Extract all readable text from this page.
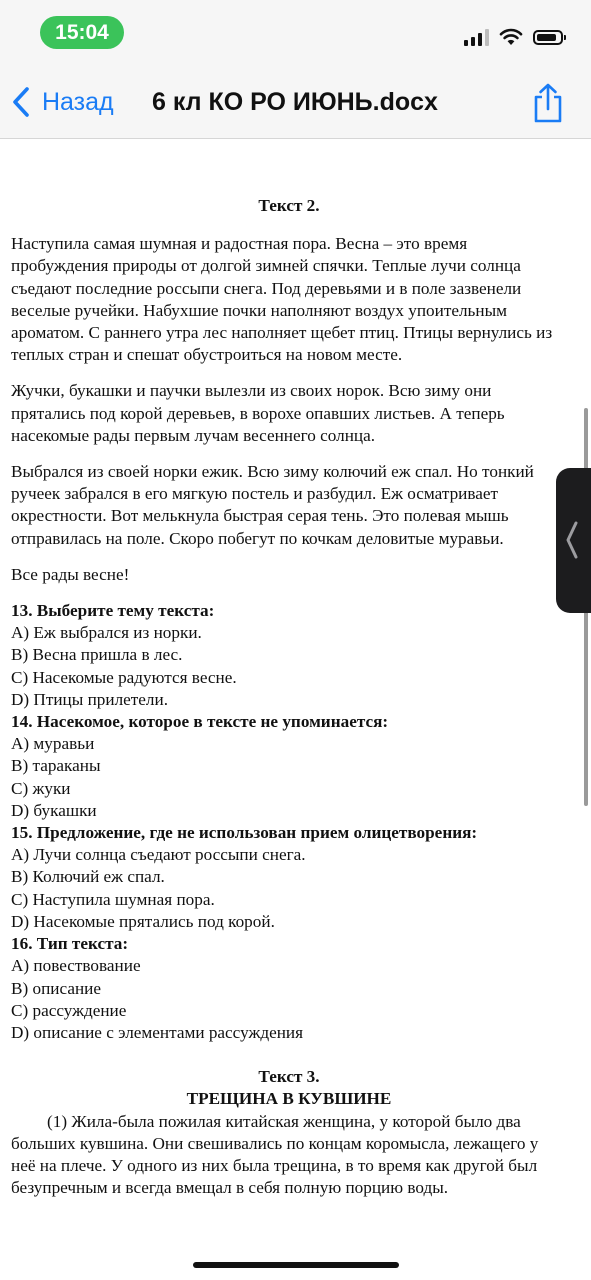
15:04
Назад 6 кл КО РО ИЮНЬ.docx

Текст 2.

Наступила самая шумная и радостная пора. Весна – это время пробуждения природы от долгой зимней спячки. Теплые лучи солнца съедают последние россыпи снега. Под деревьями и в поле зазвенели веселые ручейки. Набухшие почки наполняют воздух упоительным ароматом. С раннего утра лес наполняет щебет птиц. Птицы вернулись из теплых стран и спешат обустроиться на новом месте.

Жучки, букашки и паучки вылезли из своих норок. Всю зиму они прятались под корой деревьев, в ворохе опавших листьев. А теперь насекомые рады первым лучам весеннего солнца.

Выбрался из своей норки ежик. Всю зиму колючий еж спал. Но тонкий ручеек забрался в его мягкую постель и разбудил. Еж осматривает окрестности. Вот мелькнула быстрая серая тень. Это полевая мышь отправилась на поле. Скоро побегут по кочкам деловитые муравьи.

Все рады весне!

13. Выберите тему текста:

A) Еж выбрался из норки.

B) Весна пришла в лес.

C) Насекомые радуются весне.

D) Птицы прилетели.

14. Насекомое, которое в тексте не упоминается:

A) муравьи

B) тараканы

C) жуки

D) букашки

15. Предложение, где не использован прием олицетворения:

A) Лучи солнца съедают россыпи снега.

B) Колючий еж спал.

C) Наступила шумная пора.

D) Насекомые прятались под корой.

16. Тип текста:

A) повествование

B) описание

C) рассуждение

D) описание с элементами рассуждения

Текст 3.

ТРЕЩИНА В КУВШИНЕ

(1) Жила-была пожилая китайская женщина, у которой было два больших кувшина. Они свешивались по концам коромысла, лежащего у неё на плече. У одного из них была трещина, в то время как другой был безупречным и всегда вмещал в себя полную порцию воды.
